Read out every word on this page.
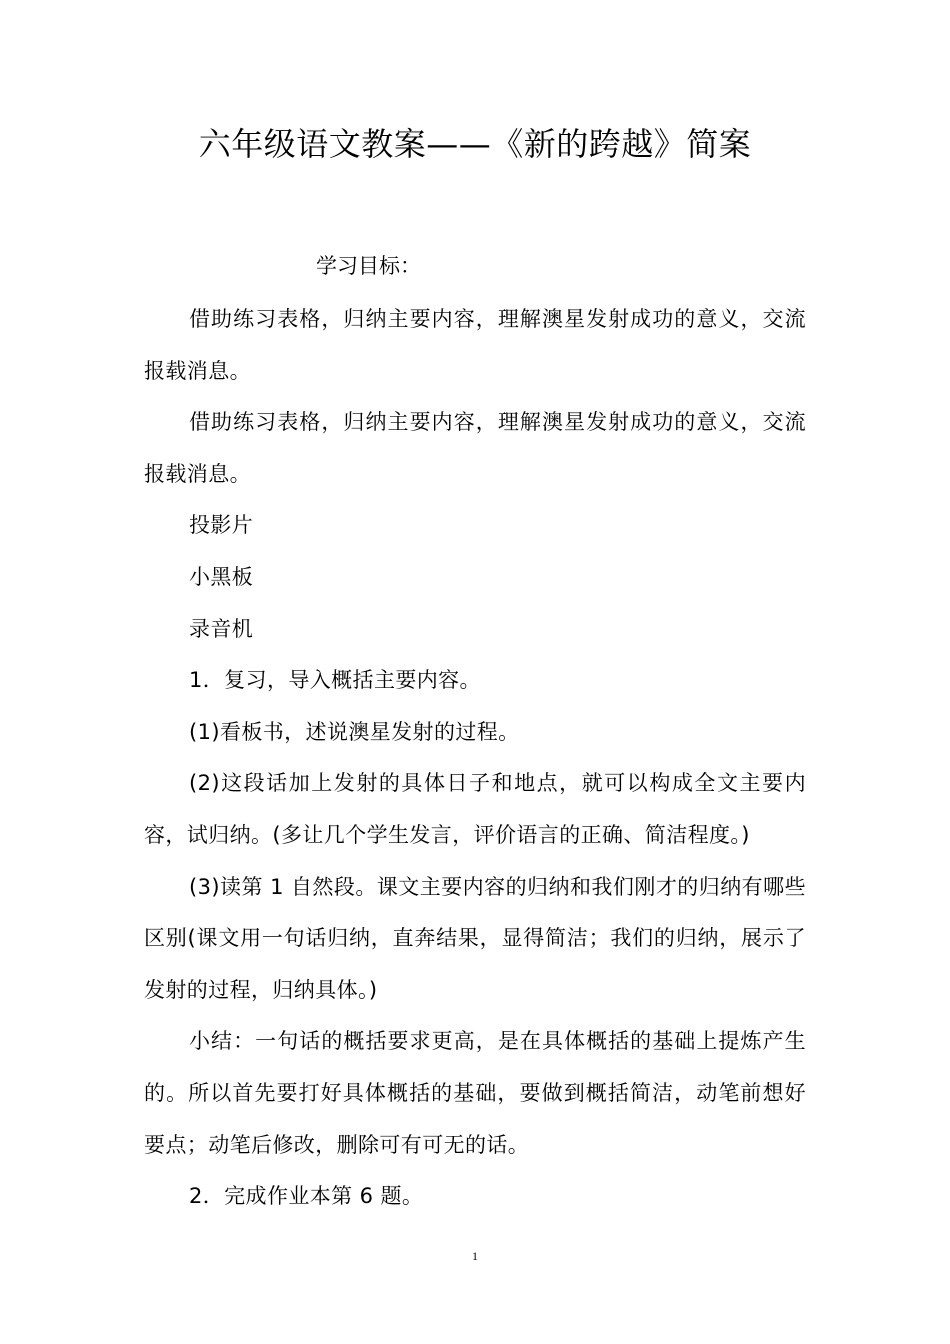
六年级语文教案——《新的跨越》简案
学习目标：

借助练习表格，归纳主要内容，理解澳星发射成功的意义，交流报载消息。

借助练习表格，归纳主要内容，理解澳星发射成功的意义，交流报载消息。

投影片

小黑板

录音机

1．复习，导入概括主要内容。

(1)看板书，述说澳星发射的过程。

(2)这段话加上发射的具体日子和地点，就可以构成全文主要内容，试归纳。(多让几个学生发言，评价语言的正确、简洁程度。)

(3)读第 1 自然段。课文主要内容的归纳和我们刚才的归纳有哪些区别(课文用一句话归纳，直奔结果，显得简洁；我们的归纳，展示了发射的过程，归纳具体。)

小结：一句话的概括要求更高，是在具体概括的基础上提炼产生的。所以首先要打好具体概括的基础，要做到概括简洁，动笔前想好要点；动笔后修改，删除可有可无的话。

2．完成作业本第 6 题。

1
